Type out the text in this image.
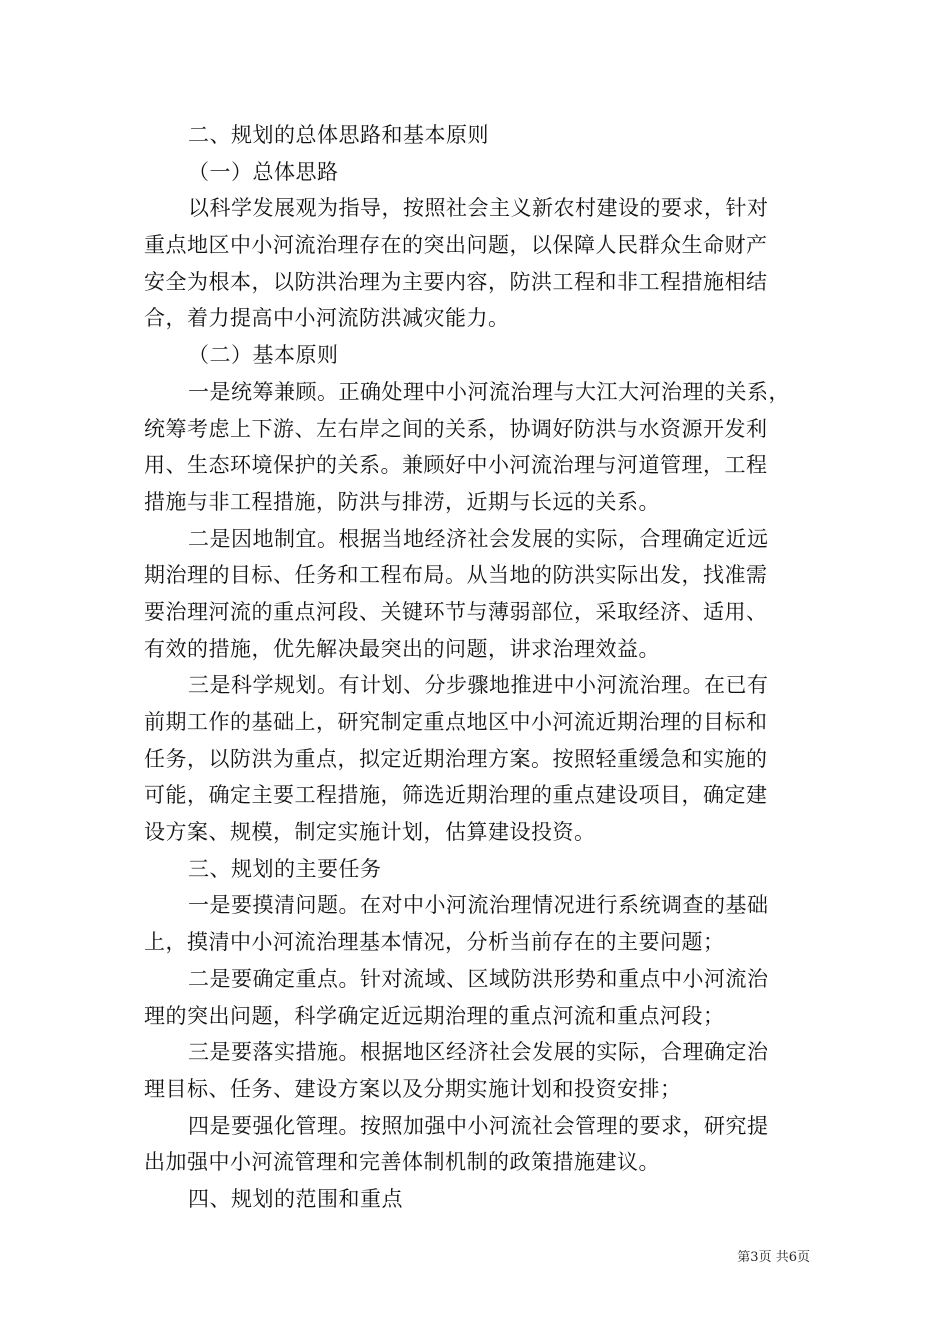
二、规划的总体思路和基本原则
（一）总体思路
以科学发展观为指导，按照社会主义新农村建设的要求，针对
重点地区中小河流治理存在的突出问题，以保障人民群众生命财产
安全为根本，以防洪治理为主要内容，防洪工程和非工程措施相结
合，着力提高中小河流防洪减灾能力。
（二）基本原则
一是统筹兼顾。正确处理中小河流治理与大江大河治理的关系，
统筹考虑上下游、左右岸之间的关系，协调好防洪与水资源开发利
用、生态环境保护的关系。兼顾好中小河流治理与河道管理，工程
措施与非工程措施，防洪与排涝，近期与长远的关系。
二是因地制宜。根据当地经济社会发展的实际，合理确定近远
期治理的目标、任务和工程布局。从当地的防洪实际出发，找准需
要治理河流的重点河段、关键环节与薄弱部位，采取经济、适用、
有效的措施，优先解决最突出的问题，讲求治理效益。
三是科学规划。有计划、分步骤地推进中小河流治理。在已有
前期工作的基础上，研究制定重点地区中小河流近期治理的目标和
任务，以防洪为重点，拟定近期治理方案。按照轻重缓急和实施的
可能，确定主要工程措施，筛选近期治理的重点建设项目，确定建
设方案、规模，制定实施计划，估算建设投资。
三、规划的主要任务
一是要摸清问题。在对中小河流治理情况进行系统调查的基础
上，摸清中小河流治理基本情况，分析当前存在的主要问题；
二是要确定重点。针对流域、区域防洪形势和重点中小河流治
理的突出问题，科学确定近远期治理的重点河流和重点河段；
三是要落实措施。根据地区经济社会发展的实际，合理确定治
理目标、任务、建设方案以及分期实施计划和投资安排；
四是要强化管理。按照加强中小河流社会管理的要求，研究提
出加强中小河流管理和完善体制机制的政策措施建议。
四、规划的范围和重点
第3页 共6页
